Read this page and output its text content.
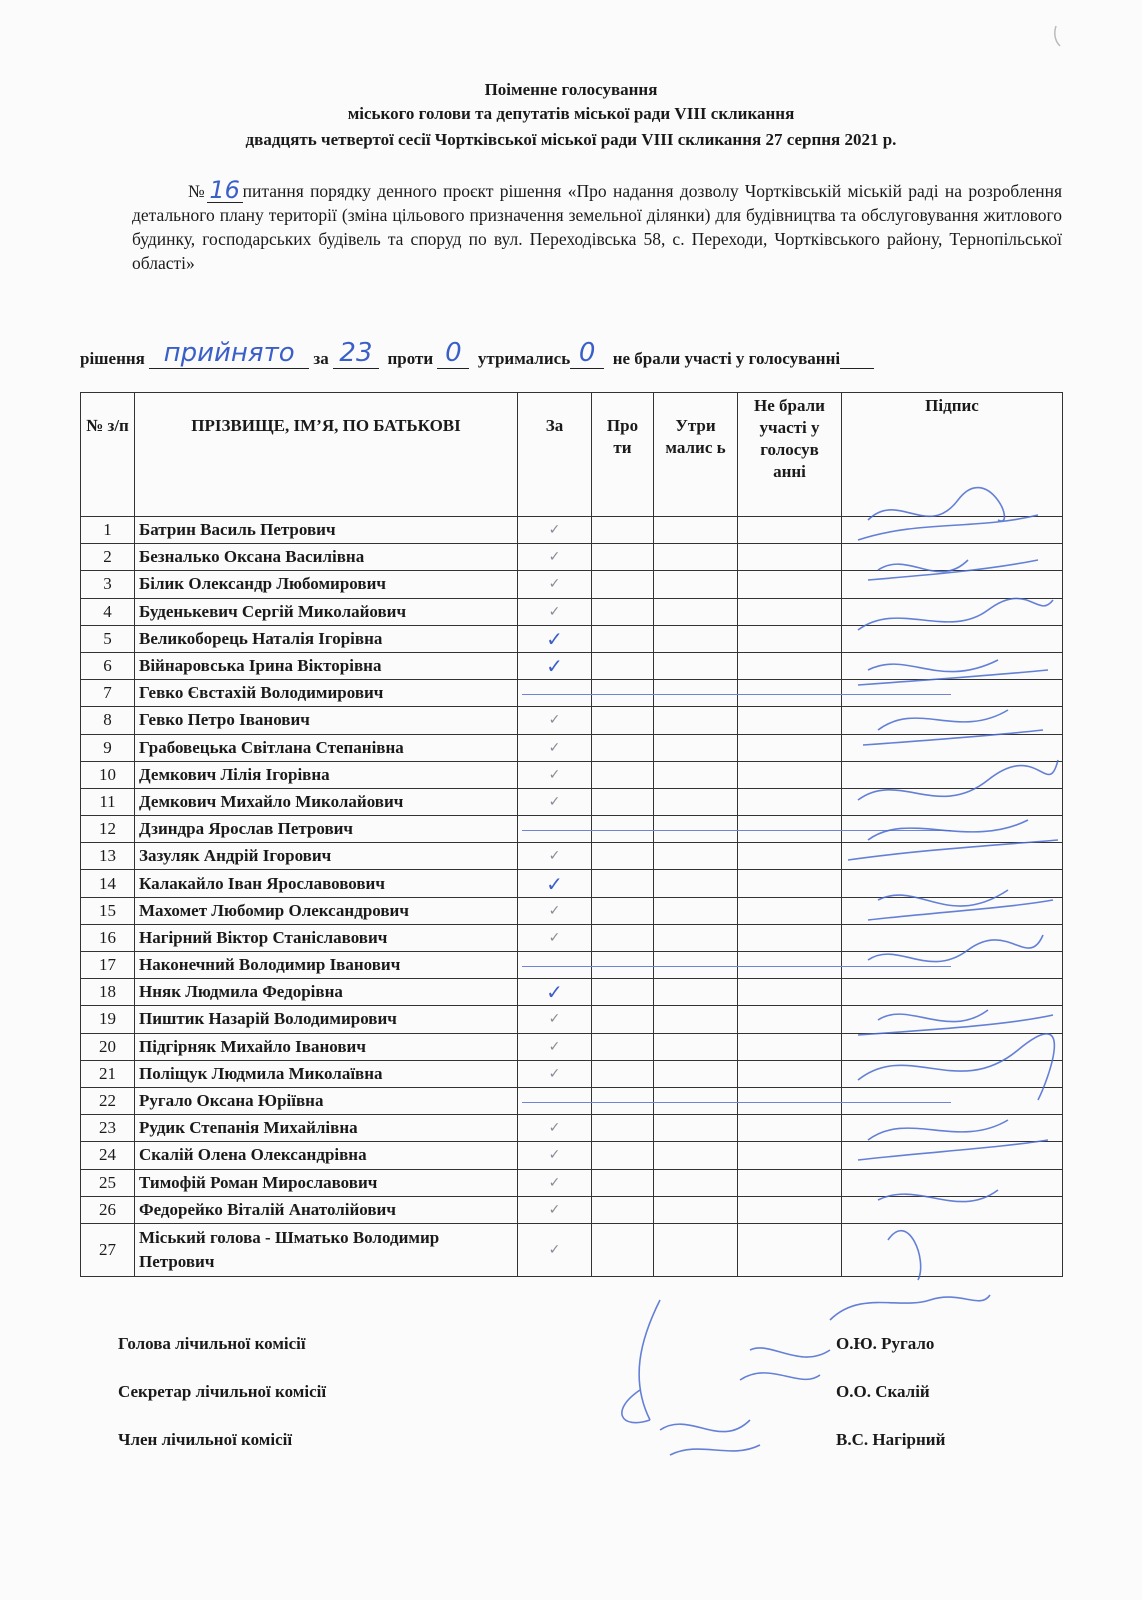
Поіменне голосування
міського голови та депутатів міської ради VIII скликання
двадцять четвертої сесії Чортківської міської ради VIII скликання 27 серпня 2021 р.
№ 16 питання порядку денного проєкт рішення «Про надання дозволу Чортківській міській раді на розроблення детального плану території (зміна цільового призначення земельної ділянки) для будівництва та обслуговування житлового будинку, господарських будівель та споруд по вул. Переходівська 58, с. Переходи, Чортківського району, Тернопільської області»
рішення прийнято за 23 проти 0 утримались 0 не брали участі у голосуванні
№ з/п	ПРІЗВИЩЕ, ІМ’Я, ПО БАТЬКОВІ	За	Про ти	Утри малис ь	Не брали участі у голосув анні	Підпис
1	Батрин Василь Петрович	✓				
2	Безналько Оксана Василівна	✓				
3	Білик Олександр Любомирович	✓				
4	Буденькевич Сергій Миколайович	✓				
5	Великоборець Наталія Ігорівна	✓				
6	Війнаровська Ірина Вікторівна	✓				
7	Гевко Євстахій Володимирович					
8	Гевко Петро Іванович	✓				
9	Грабовецька Світлана Степанівна	✓				
10	Демкович Лілія Ігорівна	✓				
11	Демкович Михайло Миколайович	✓				
12	Дзиндра Ярослав Петрович					
13	Зазуляк Андрій Ігорович	✓				
14	Калакайло Іван Ярославовович	✓				
15	Махомет Любомир Олександрович	✓				
16	Нагірний Віктор Станіславович	✓				
17	Наконечний Володимир Іванович					
18	Нняк Людмила Федорівна	✓				
19	Пиштик Назарій Володимирович	✓				
20	Підгірняк Михайло Іванович	✓				
21	Поліщук Людмила Миколаївна	✓				
22	Ругало Оксана Юріївна					
23	Рудик Степанія Михайлівна	✓				
24	Скалій Олена Олександрівна	✓				
25	Тимофій Роман Мирославович	✓				
26	Федорейко Віталій Анатолійович	✓				
27	Міський голова - Шматько Володимир Петрович	✓				
Голова лічильної комісії	О.Ю. Ругало
Секретар лічильної комісії	О.О. Скалій
Член лічильної комісії	В.С. Нагірний
